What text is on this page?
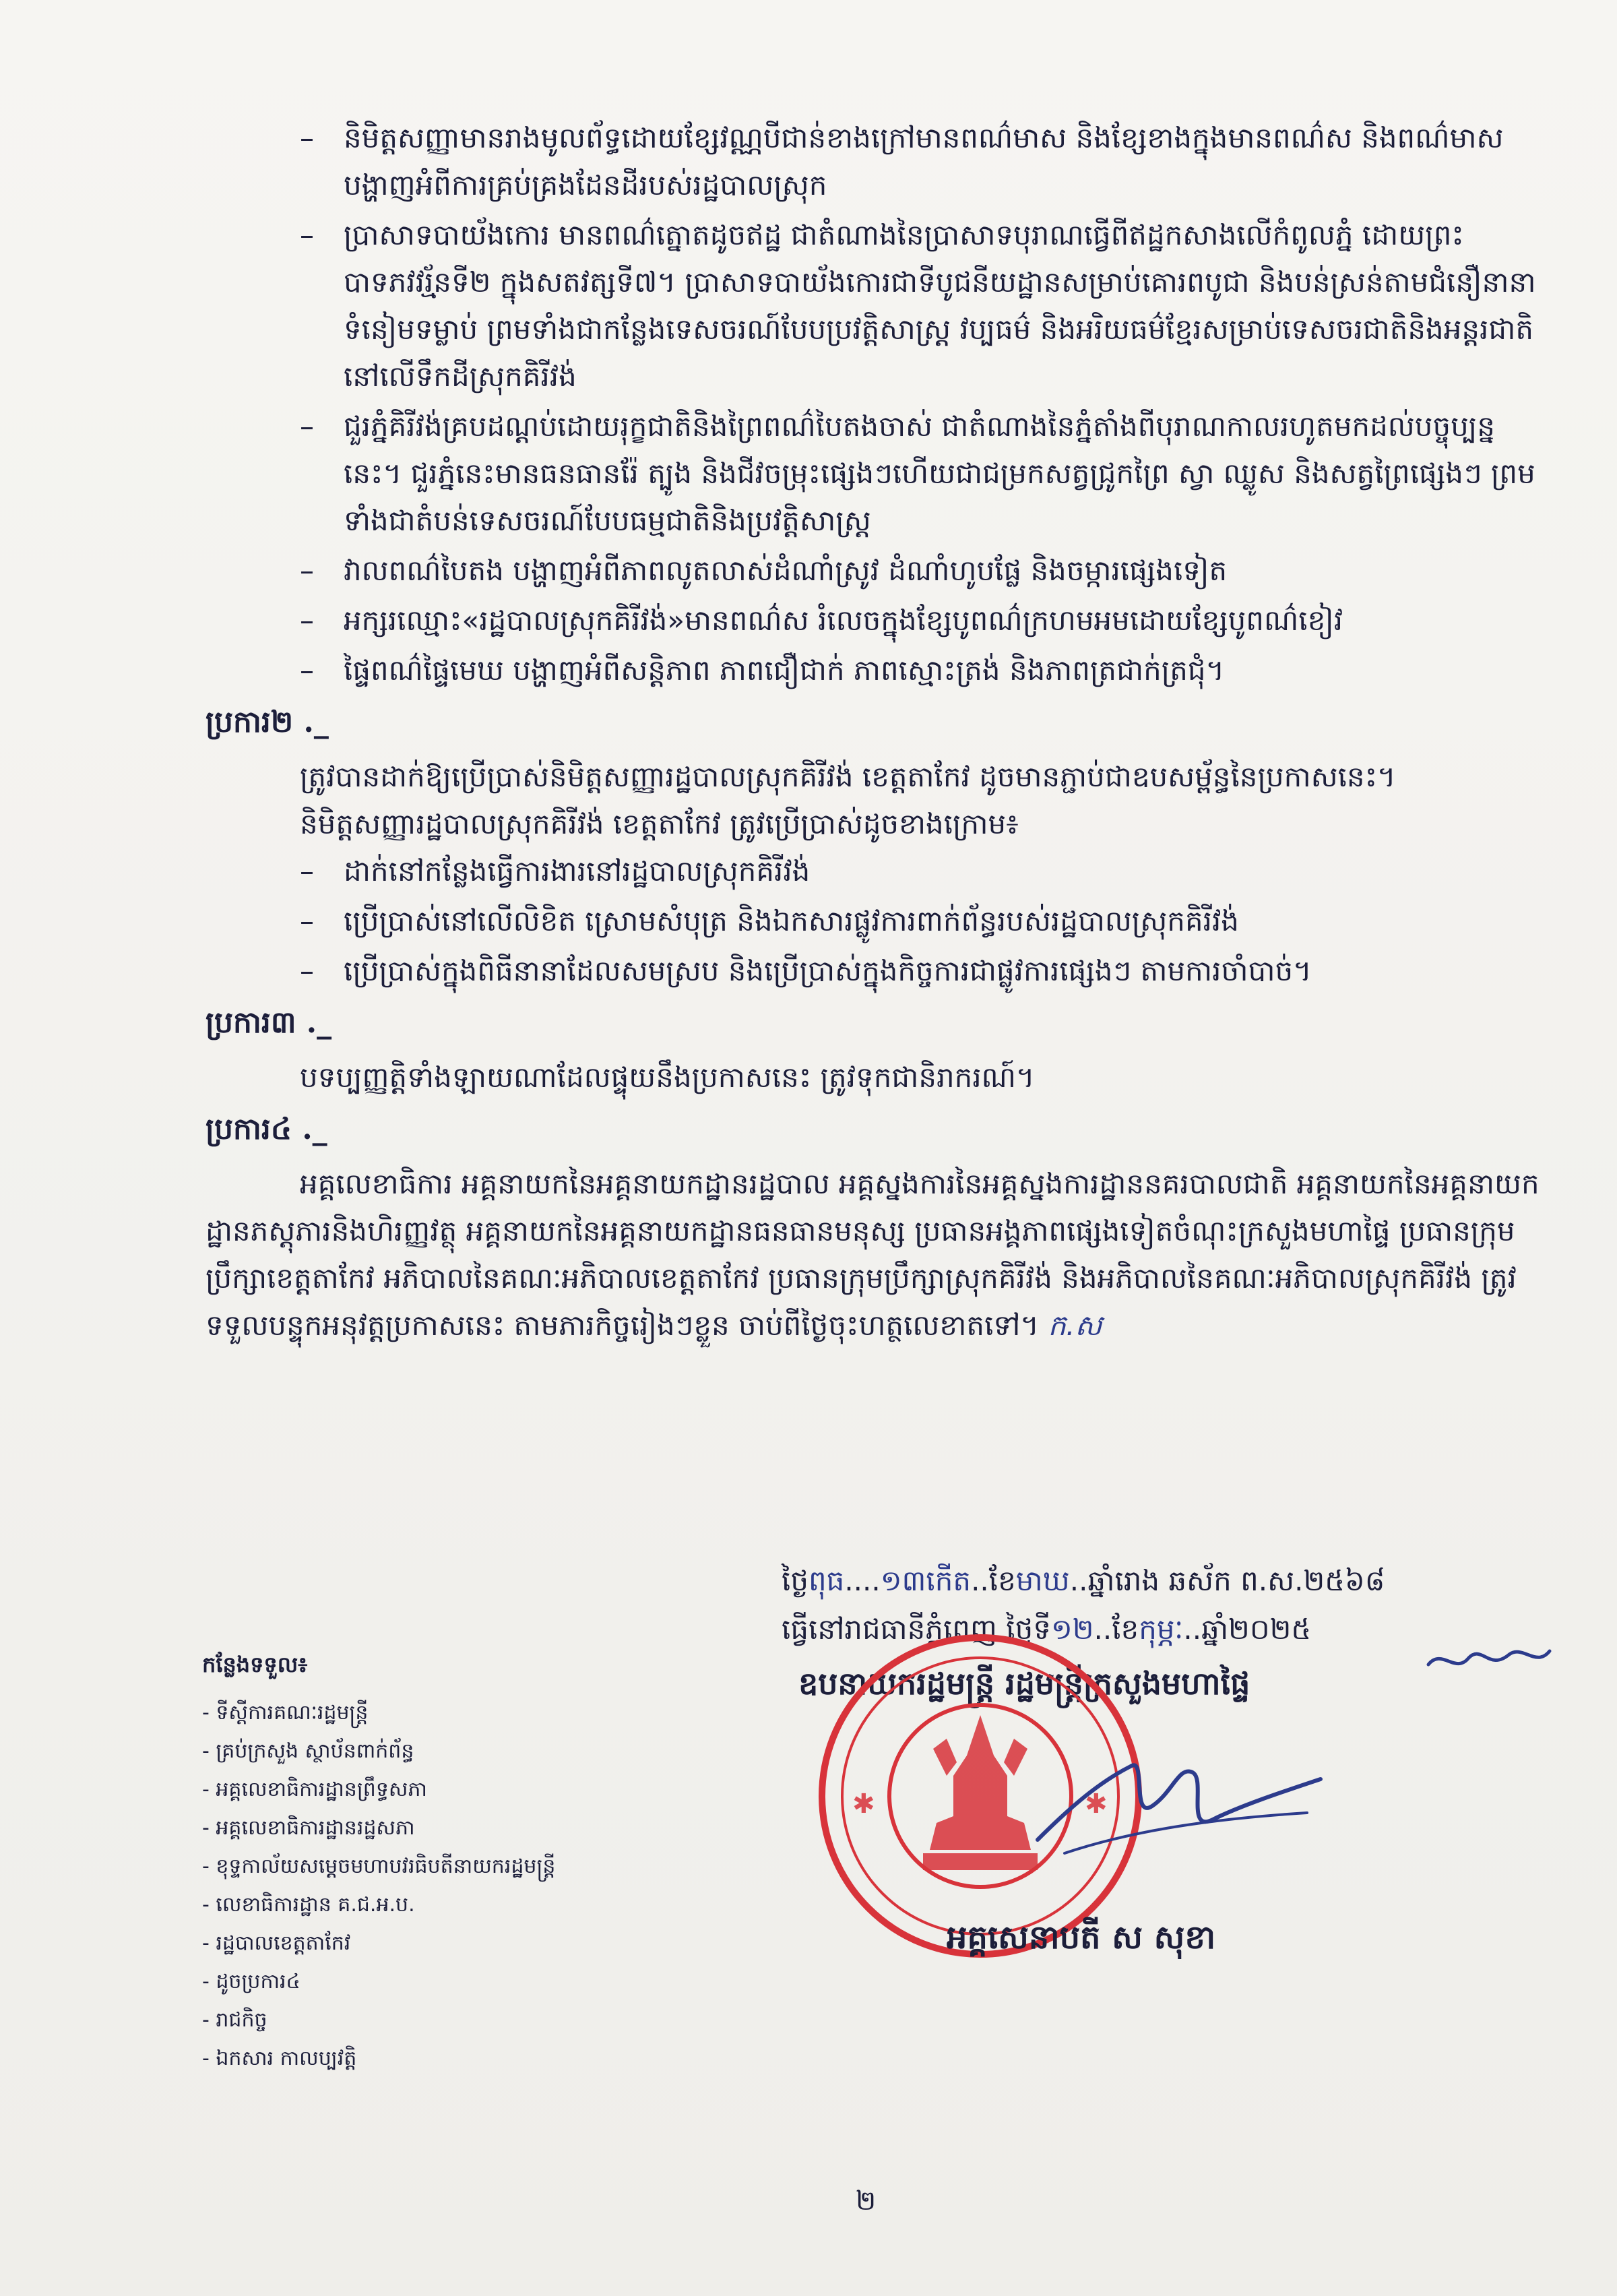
– និមិត្តសញ្ញាមានរាងមូលព័ទ្ធដោយខ្សែវណ្ណបីជាន់ខាងក្រៅមានពណ៌មាស និងខ្សែខាងក្នុងមានពណ៌ស និងពណ៌មាស បង្ហាញអំពីការគ្រប់គ្រងដែនដីរបស់រដ្ឋបាលស្រុក
– ប្រាសាទបាយ័ងកោរ មានពណ៌ត្នោតដូចឥដ្ឋ ជាតំណាងនៃប្រាសាទបុរាណធ្វើពីឥដ្ឋកសាងលើកំពូលភ្នំ ដោយព្រះបាទភវវរ្ម័នទី២ ក្នុងសតវត្សទី៧។ ប្រាសាទបាយ័ងកោរជាទីបូជនីយដ្ឋានសម្រាប់គោរពបូជា និងបន់ស្រន់តាមជំនឿនានា ទំនៀមទម្លាប់ ព្រមទាំងជាកន្លែងទេសចរណ៍បែបប្រវត្តិសាស្ត្រ វប្បធម៌ និងអរិយធម៌ខ្មែរសម្រាប់ទេសចរជាតិនិងអន្តរជាតិនៅលើទឹកដីស្រុកគិរីវង់
– ជួរភ្នំគិរីវង់គ្របដណ្តប់ដោយរុក្ខជាតិនិងព្រៃពណ៌បៃតងចាស់ ជាតំណាងនៃភ្នំតាំងពីបុរាណកាលរហូតមកដល់បច្ចុប្បន្ននេះ។ ជួរភ្នំនេះមានធនធានរ៉ែ ត្បូង និងជីវចម្រុះផ្សេងៗហើយជាជម្រកសត្វជ្រូកព្រៃ ស្វា ឈ្លូស និងសត្វព្រៃផ្សេងៗ ព្រមទាំងជាតំបន់ទេសចរណ៍បែបធម្មជាតិនិងប្រវត្តិសាស្ត្រ
– វាលពណ៌បៃតង បង្ហាញអំពីភាពលូតលាស់ដំណាំស្រូវ ដំណាំហូបផ្លែ និងចម្ការផ្សេងទៀត
– អក្សរឈ្មោះ«រដ្ឋបាលស្រុកគិរីវង់»មានពណ៌ស រំលេចក្នុងខ្សែបូពណ៌ក្រហមអមដោយខ្សែបូពណ៌ខៀវ
– ផ្ទៃពណ៌ផ្ទៃមេឃ បង្ហាញអំពីសន្តិភាព ភាពជឿជាក់ ភាពស្មោះត្រង់ និងភាពត្រជាក់ត្រជុំ។
ប្រការ២ ._

ត្រូវបានដាក់ឱ្យប្រើប្រាស់និមិត្តសញ្ញារដ្ឋបាលស្រុកគិរីវង់ ខេត្តតាកែវ ដូចមានភ្ជាប់ជាឧបសម្ព័ន្ធនៃប្រកាសនេះ។

និមិត្តសញ្ញារដ្ឋបាលស្រុកគិរីវង់ ខេត្តតាកែវ ត្រូវប្រើប្រាស់ដូចខាងក្រោម៖

– ដាក់នៅកន្លែងធ្វើការងារនៅរដ្ឋបាលស្រុកគិរីវង់
– ប្រើប្រាស់នៅលើលិខិត ស្រោមសំបុត្រ និងឯកសារផ្លូវការពាក់ព័ន្ធរបស់រដ្ឋបាលស្រុកគិរីវង់
– ប្រើប្រាស់ក្នុងពិធីនានាដែលសមស្រប និងប្រើប្រាស់ក្នុងកិច្ចការជាផ្លូវការផ្សេងៗ តាមការចាំបាច់។
ប្រការ៣ ._

បទប្បញ្ញត្តិទាំងឡាយណាដែលផ្ទុយនឹងប្រកាសនេះ ត្រូវទុកជានិរាករណ៍។

ប្រការ៤ ._

អគ្គលេខាធិការ អគ្គនាយកនៃអគ្គនាយកដ្ឋានរដ្ឋបាល អគ្គស្នងការនៃអគ្គស្នងការដ្ឋាននគរបាលជាតិ អគ្គនាយកនៃអគ្គនាយកដ្ឋានភស្តុភារនិងហិរញ្ញវត្ថុ អគ្គនាយកនៃអគ្គនាយកដ្ឋានធនធានមនុស្ស ប្រធានអង្គភាពផ្សេងទៀតចំណុះក្រសួងមហាផ្ទៃ ប្រធានក្រុមប្រឹក្សាខេត្តតាកែវ អភិបាលនៃគណៈអភិបាលខេត្តតាកែវ ប្រធានក្រុមប្រឹក្សាស្រុកគិរីវង់ និងអភិបាលនៃគណៈអភិបាលស្រុកគិរីវង់ ត្រូវទទួលបន្ទុកអនុវត្តប្រកាសនេះ តាមភារកិច្ចរៀងៗខ្លួន ចាប់ពីថ្ងៃចុះហត្ថលេខាតទៅ។ ក.ស

ថ្ងៃពុធ....១៣កើត..ខែមាឃ..ឆ្នាំរោង ឆស័ក ព.ស.២៥៦៨
ធ្វើនៅរាជធានីភ្នំពេញ ថ្ងៃទី១២..ខែកុម្ភៈ..ឆ្នាំ២០២៥
ឧបនាយករដ្ឋមន្ត្រី រដ្ឋមន្ត្រីក្រសួងមហាផ្ទៃ
✱	✱
អគ្គសេនាបតី ស សុខា
កន្លែងទទួល៖
- ទីស្តីការគណៈរដ្ឋមន្ត្រី
- គ្រប់ក្រសួង ស្ថាប័នពាក់ព័ន្ធ
- អគ្គលេខាធិការដ្ឋានព្រឹទ្ធសភា
- អគ្គលេខាធិការដ្ឋានរដ្ឋសភា
- ខុទ្ទកាល័យសម្តេចមហាបវរធិបតីនាយករដ្ឋមន្ត្រី
- លេខាធិការដ្ឋាន គ.ជ.អ.ប.
- រដ្ឋបាលខេត្តតាកែវ
- ដូចប្រការ៤
- រាជកិច្ច
- ឯកសារ កាលប្បវត្តិ
២
